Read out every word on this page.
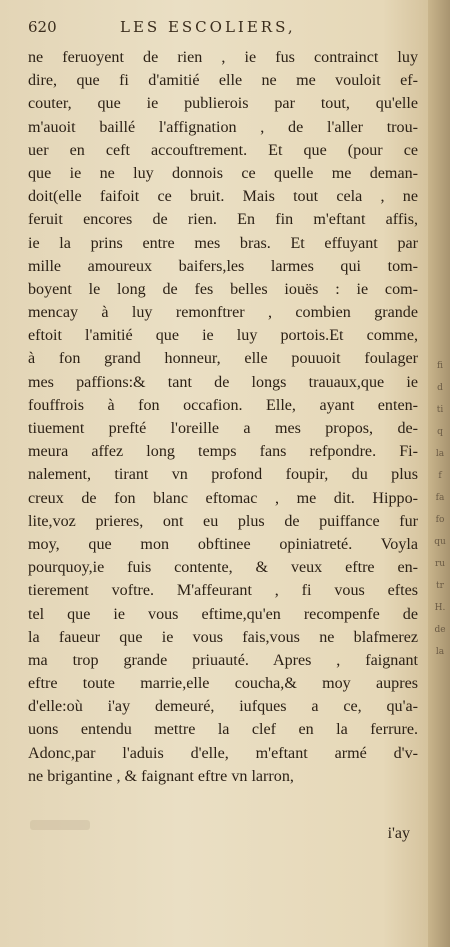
620	LES ESCOLIERS,
ne feruoyent de rien , ie fus contrainct luy
dire, que fi d'amitié elle ne me vouloit ef-
couter, que ie publierois par tout, qu'elle
m'auoit baillé l'affignation , de l'aller trou-
uer en ceft accouftrement. Et que (pour ce
que ie ne luy donnois ce quelle me deman-
doit(elle faifoit ce bruit. Mais tout cela , ne
feruit encores de rien. En fin m'eftant affis,
ie la prins entre mes bras. Et effuyant par
mille amoureux baifers,les larmes qui tom-
boyent le long de fes belles iouës : ie com-
mencay à luy remonftrer , combien grande
eftoit l'amitié que ie luy portois.Et comme,
à fon grand honneur, elle pouuoit foulager
mes paffions:& tant de longs trauaux,que ie
fouffrois à fon occafion. Elle, ayant enten-
tiuement prefté l'oreille a mes propos, de-
meura affez long temps fans refpondre. Fi-
nalement, tirant vn profond foupir, du plus
creux de fon blanc eftomac , me dit. Hippo-
lite,voz prieres, ont eu plus de puiffance fur
moy, que mon obftinee opiniatreté. Voyla
pourquoy,ie fuis contente, & veux eftre en-
tierement voftre. M'affeurant , fi vous eftes
tel que ie vous eftime,qu'en recompenfe de
la faueur que ie vous fais,vous ne blafmerez
ma trop grande priuauté. Apres , faignant
eftre toute marrie,elle coucha,& moy aupres
d'elle:où i'ay demeuré, iufques a ce, qu'a-
uons entendu mettre la clef en la ferrure.
Adonc,par l'aduis d'elle, m'eftant armé d'v-
ne brigantine , & faignant eftre vn larron,
i'ay
fi
d
ti
q
la
f
fa
fo
qu
ru
tr
H.
de
la
